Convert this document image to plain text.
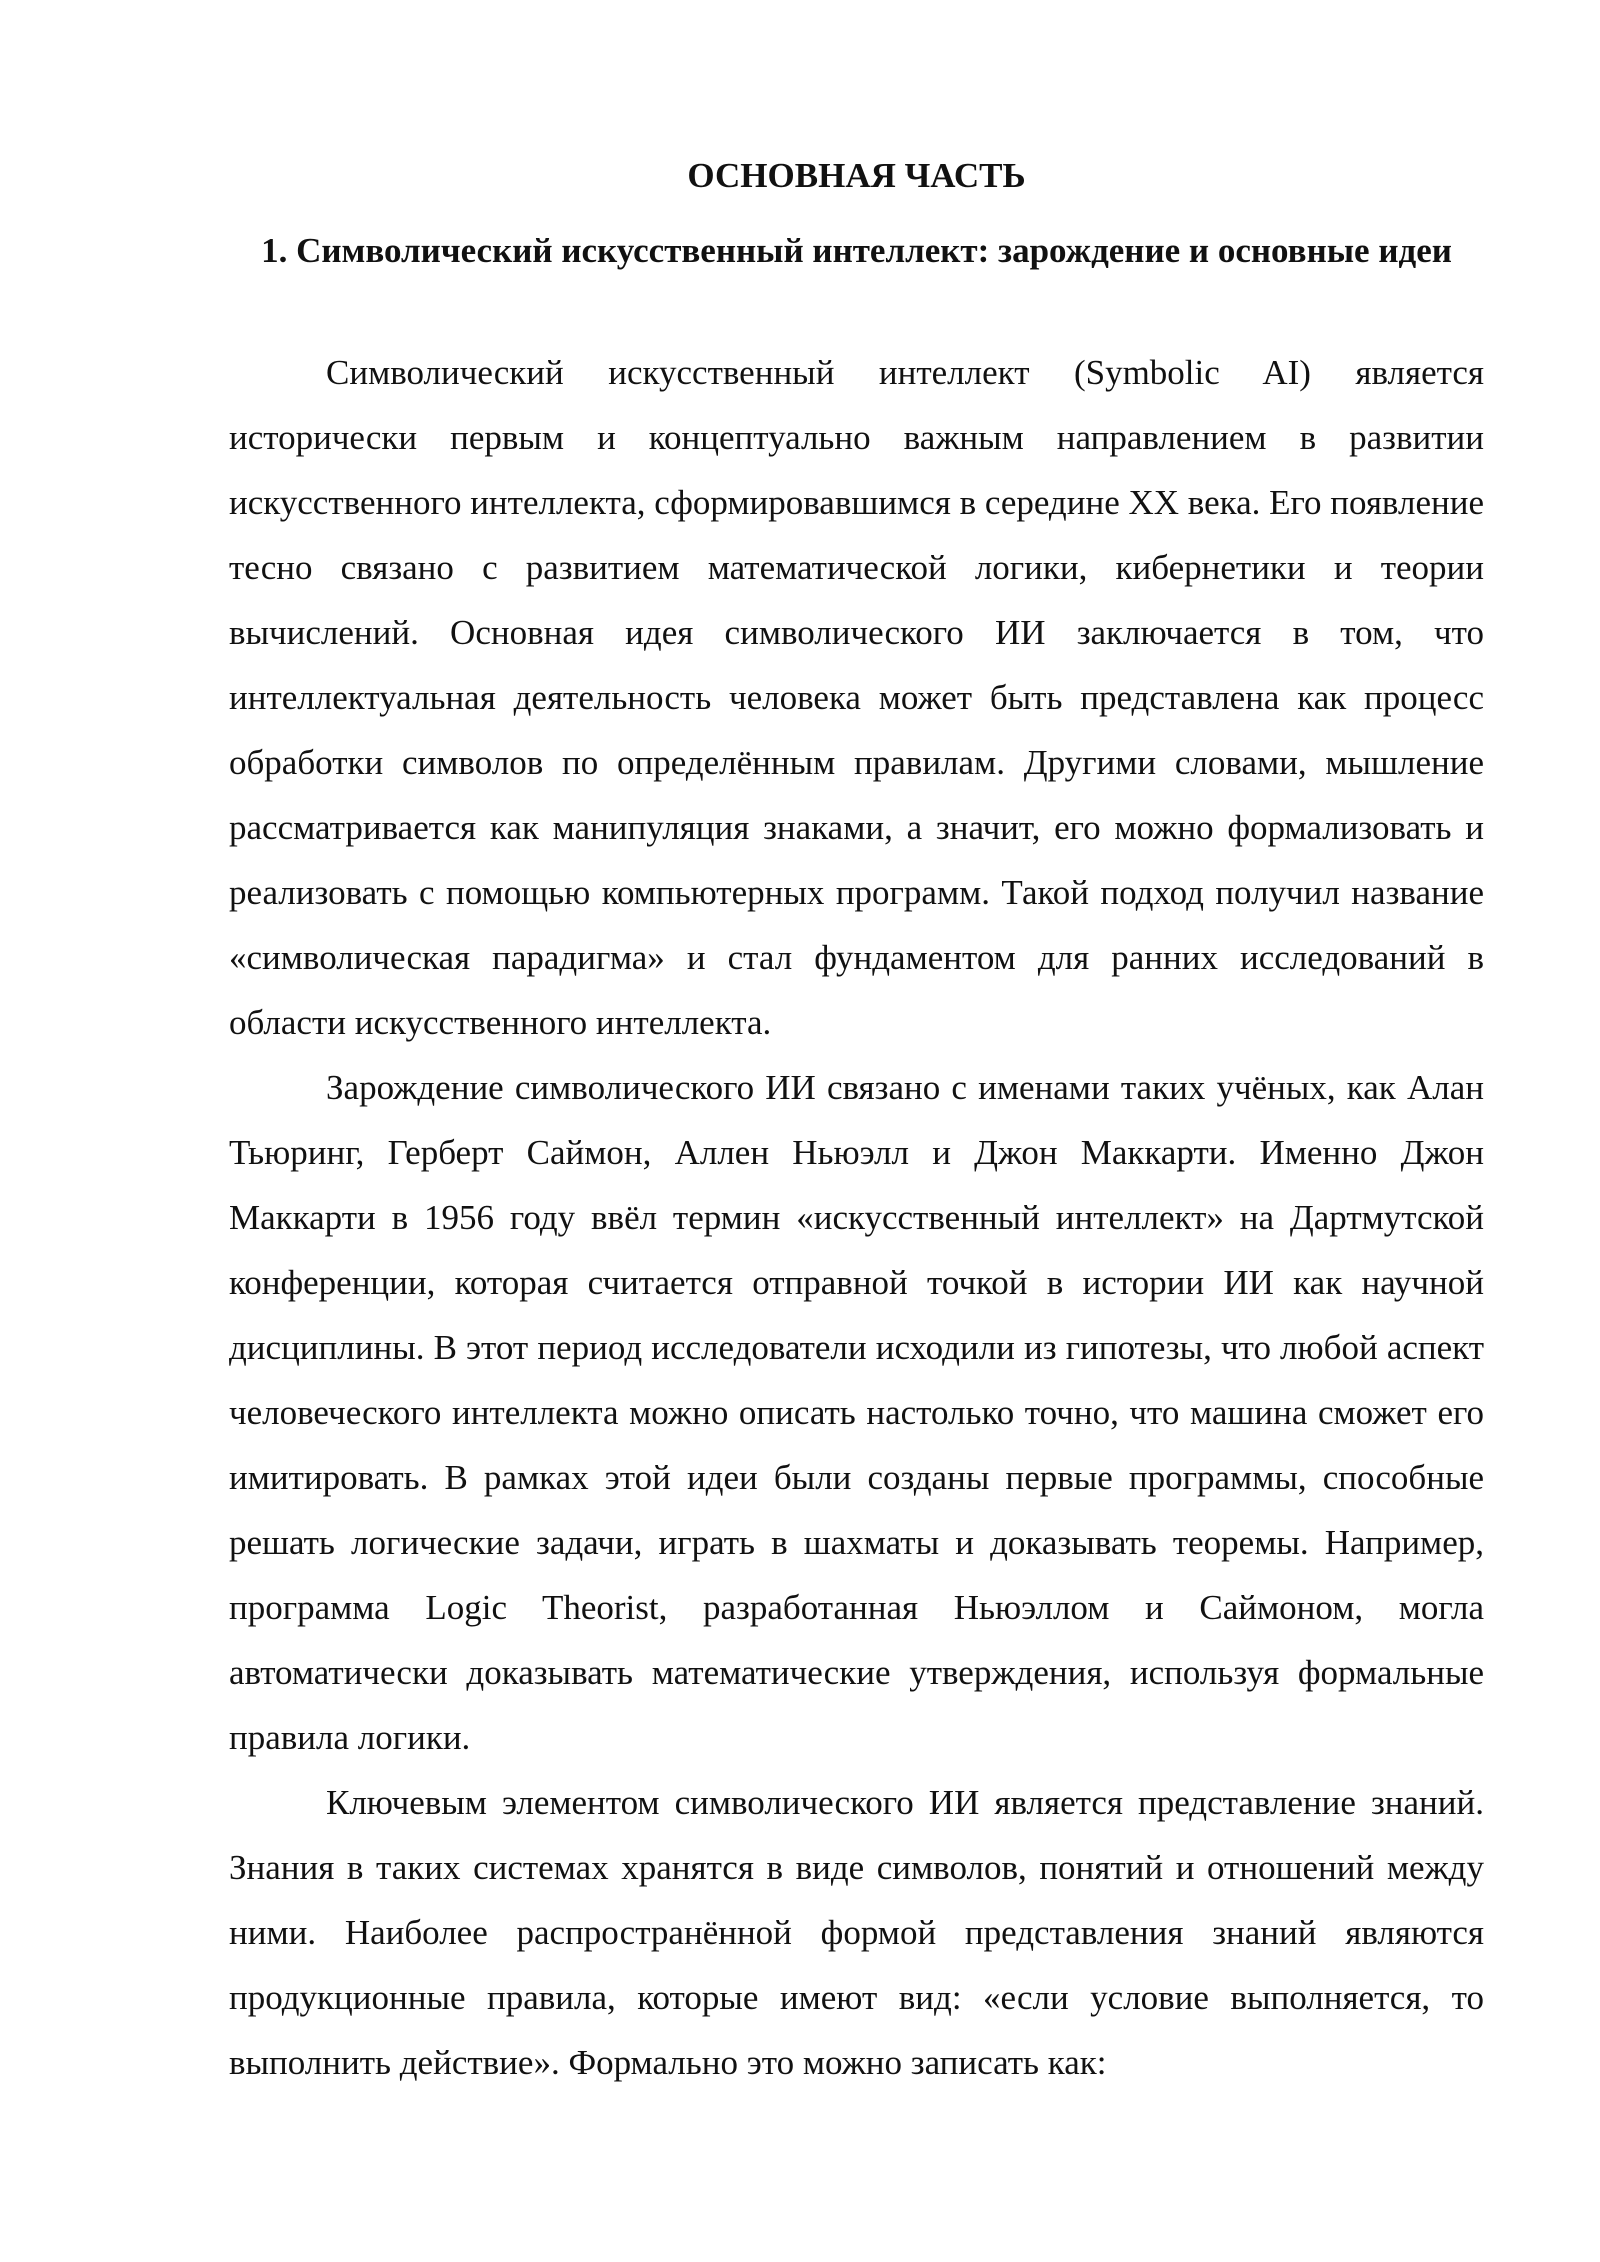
ОСНОВНАЯ ЧАСТЬ
1. Символический искусственный интеллект: зарождение и основные идеи

Символический искусственный интеллект (Symbolic AI) является исторически первым и концептуально важным направлением в развитии искусственного интеллекта, сформировавшимся в середине XX века. Его появление тесно связано с развитием математической логики, кибернетики и теории вычислений. Основная идея символического ИИ заключается в том, что интеллектуальная деятельность человека может быть представлена как процесс обработки символов по определённым правилам. Другими словами, мышление рассматривается как манипуляция знаками, а значит, его можно формализовать и реализовать с помощью компьютерных программ. Такой подход получил название «символическая парадигма» и стал фундаментом для ранних исследований в области искусственного интеллекта.

Зарождение символического ИИ связано с именами таких учёных, как Алан Тьюринг, Герберт Саймон, Аллен Ньюэлл и Джон Маккарти. Именно Джон Маккарти в 1956 году ввёл термин «искусственный интеллект» на Дартмутской конференции, которая считается отправной точкой в истории ИИ как научной дисциплины. В этот период исследователи исходили из гипотезы, что любой аспект человеческого интеллекта можно описать настолько точно, что машина сможет его имитировать. В рамках этой идеи были созданы первые программы, способные решать логические задачи, играть в шахматы и доказывать теоремы. Например, программа Logic Theorist, разработанная Ньюэллом и Саймоном, могла автоматически доказывать математические утверждения, используя формальные правила логики.

Ключевым элементом символического ИИ является представление знаний. Знания в таких системах хранятся в виде символов, понятий и отношений между ними. Наиболее распространённой формой представления знаний являются продукционные правила, которые имеют вид: «если условие выполняется, то выполнить действие». Формально это можно записать как:
